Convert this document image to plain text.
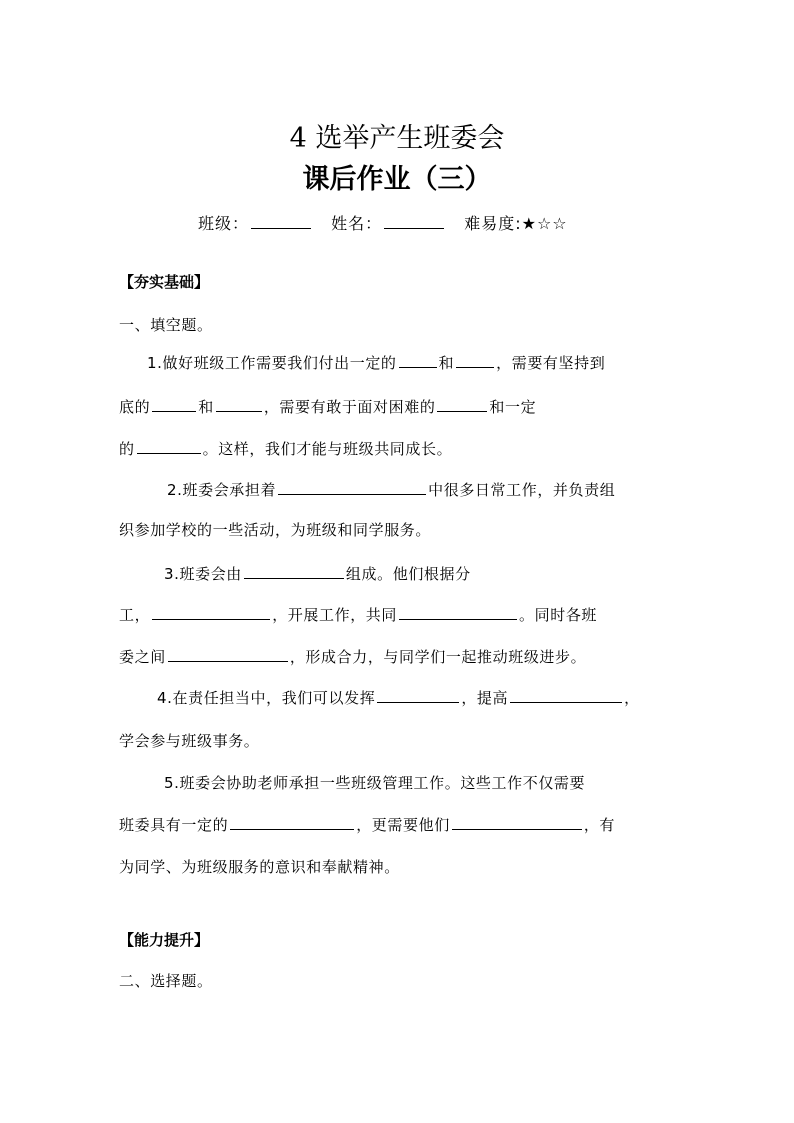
4 选举产生班委会
课后作业（三）
班级：	姓名：	难易度:★☆☆
【夯实基础】
一、填空题。
1.做好班级工作需要我们付出一定的	和	，需要有坚持到
底的	和	，需要有敢于面对困难的	和一定
的	。这样，我们才能与班级共同成长。
2.班委会承担着	中很多日常工作，并负责组
织参加学校的一些活动，为班级和同学服务。
3.班委会由	组成。他们根据分
工，	，开展工作，共同	。同时各班
委之间	，形成合力，与同学们一起推动班级进步。
4.在责任担当中，我们可以发挥	，提高	，
学会参与班级事务。
5.班委会协助老师承担一些班级管理工作。这些工作不仅需要
班委具有一定的	，更需要他们	，有
为同学、为班级服务的意识和奉献精神。
【能力提升】
二、选择题。
